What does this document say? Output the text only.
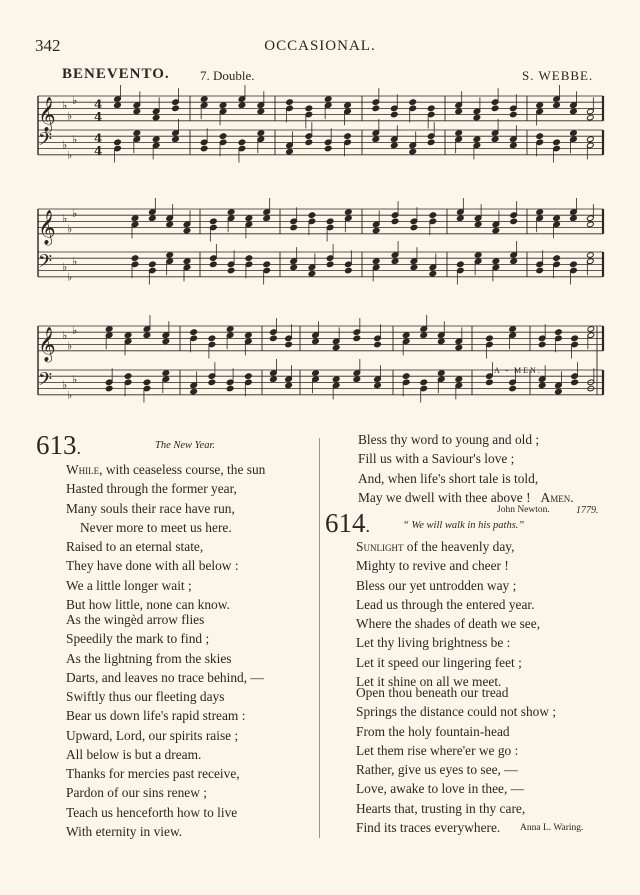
342	OCCASIONAL.
BENEVENTO. 7. Double.	S. WEBBE.
𝄞 ♭
♭
♭
𝄢 ♭
♭
♭
4
4
4
4
𝄞 ♭
♭
♭
𝄢 ♭
♭
♭
𝄞 ♭
♭
♭
𝄢 ♭
♭
♭
A - MEN.
613.	The New Year.
While, with ceaseless course, the sun
Hasted through the former year,
Many souls their race have run,
Never more to meet us here.
Raised to an eternal state,
They have done with all below :
We a little longer wait ;
But how little, none can know.
As the wingèd arrow flies
Speedily the mark to find ;
As the lightning from the skies
Darts, and leaves no trace behind, —
Swiftly thus our fleeting days
Bear us down life's rapid stream :
Upward, Lord, our spirits raise ;
All below is but a dream.
Thanks for mercies past receive,
Pardon of our sins renew ;
Teach us henceforth how to live
With eternity in view.
Bless thy word to young and old ;
Fill us with a Saviour's love ;
And, when life's short tale is told,
May we dwell with thee above ! Amen.
John Newton.	1779.
614.	“ We will walk in his paths.”
Sunlight of the heavenly day,
Mighty to revive and cheer !
Bless our yet untrodden way ;
Lead us through the entered year.
Where the shades of death we see,
Let thy living brightness be :
Let it speed our lingering feet ;
Let it shine on all we meet.
Open thou beneath our tread
Springs the distance could not show ;
From the holy fountain-head
Let them rise where'er we go :
Rather, give us eyes to see, —
Love, awake to love in thee, —
Hearts that, trusting in thy care,
Find its traces everywhere.	Anna L. Waring.
